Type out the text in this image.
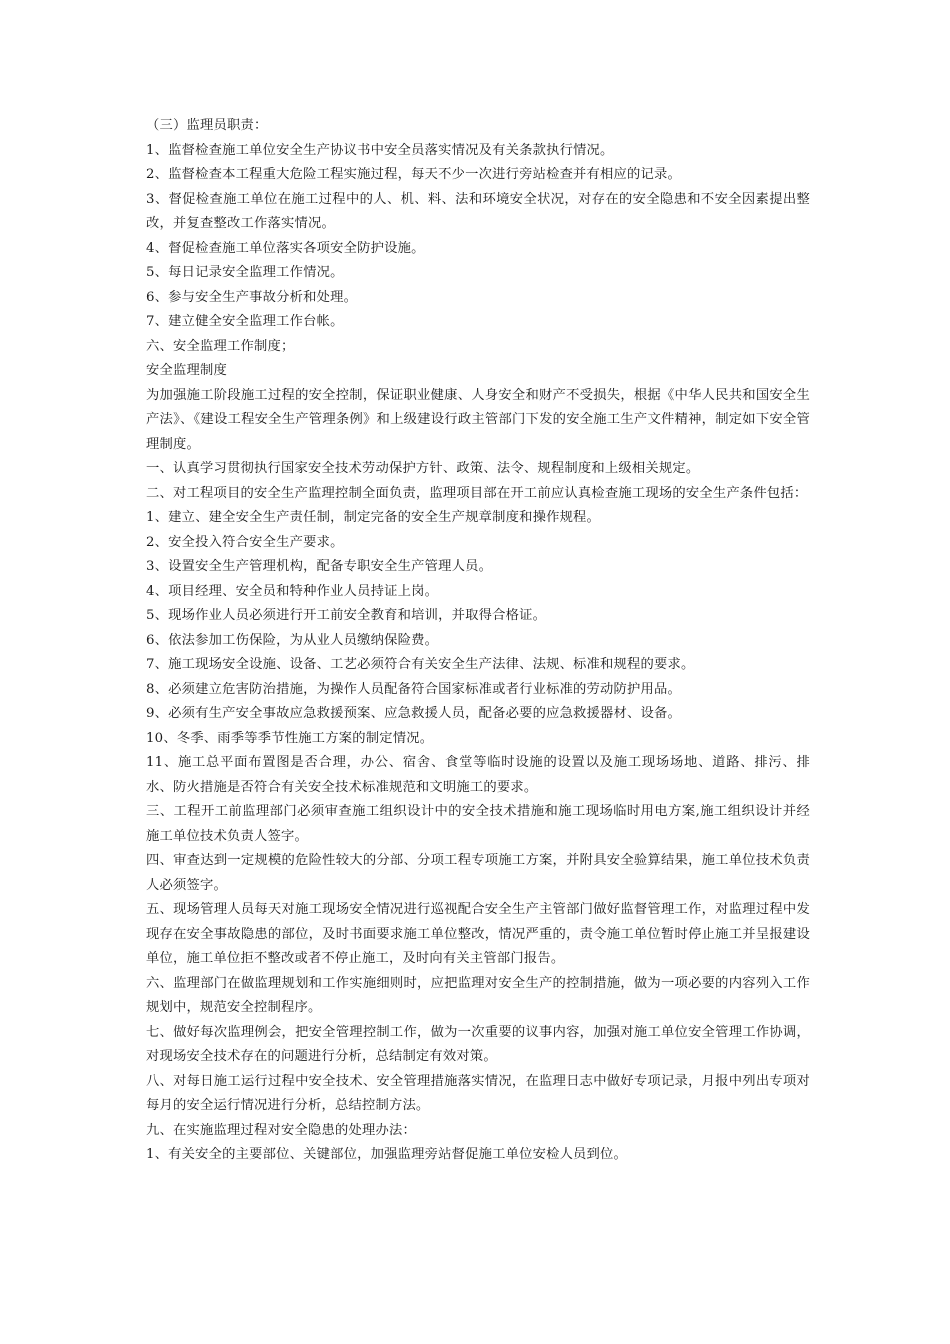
（三）监理员职责：

1、监督检查施工单位安全生产协议书中安全员落实情况及有关条款执行情况。

2、监督检查本工程重大危险工程实施过程，每天不少一次进行旁站检查并有相应的记录。

3、督促检查施工单位在施工过程中的人、机、料、法和环境安全状况，对存在的安全隐患和不安全因素提出整改，并复查整改工作落实情况。

4、督促检查施工单位落实各项安全防护设施。

5、每日记录安全监理工作情况。

6、参与安全生产事故分析和处理。

7、建立健全安全监理工作台帐。

六、安全监理工作制度；

安全监理制度

为加强施工阶段施工过程的安全控制，保证职业健康、人身安全和财产不受损失，根据《中华人民共和国安全生产法》、《建设工程安全生产管理条例》和上级建设行政主管部门下发的安全施工生产文件精神，制定如下安全管理制度。

一、认真学习贯彻执行国家安全技术劳动保护方针、政策、法令、规程制度和上级相关规定。

二、对工程项目的安全生产监理控制全面负责，监理项目部在开工前应认真检查施工现场的安全生产条件包括：

1、建立、建全安全生产责任制，制定完备的安全生产规章制度和操作规程。

2、安全投入符合安全生产要求。

3、设置安全生产管理机构，配备专职安全生产管理人员。

4、项目经理、安全员和特种作业人员持证上岗。

5、现场作业人员必须进行开工前安全教育和培训，并取得合格证。

6、依法参加工伤保险，为从业人员缴纳保险费。

7、施工现场安全设施、设备、工艺必须符合有关安全生产法律、法规、标准和规程的要求。

8、必须建立危害防治措施，为操作人员配备符合国家标准或者行业标准的劳动防护用品。

9、必须有生产安全事故应急救援预案、应急救援人员，配备必要的应急救援器材、设备。

10、冬季、雨季等季节性施工方案的制定情况。

11、施工总平面布置图是否合理，办公、宿舍、食堂等临时设施的设置以及施工现场场地、道路、排污、排水、防火措施是否符合有关安全技术标准规范和文明施工的要求。

三、工程开工前监理部门必须审查施工组织设计中的安全技术措施和施工现场临时用电方案,施工组织设计并经施工单位技术负责人签字。

四、审查达到一定规模的危险性较大的分部、分项工程专项施工方案，并附具安全验算结果，施工单位技术负责人必须签字。

五、现场管理人员每天对施工现场安全情况进行巡视配合安全生产主管部门做好监督管理工作，对监理过程中发现存在安全事故隐患的部位，及时书面要求施工单位整改，情况严重的，责令施工单位暂时停止施工并呈报建设单位，施工单位拒不整改或者不停止施工，及时向有关主管部门报告。

六、监理部门在做监理规划和工作实施细则时，应把监理对安全生产的控制措施，做为一项必要的内容列入工作规划中，规范安全控制程序。

七、做好每次监理例会，把安全管理控制工作，做为一次重要的议事内容，加强对施工单位安全管理工作协调，对现场安全技术存在的问题进行分析，总结制定有效对策。

八、对每日施工运行过程中安全技术、安全管理措施落实情况，在监理日志中做好专项记录，月报中列出专项对每月的安全运行情况进行分析，总结控制方法。

九、在实施监理过程对安全隐患的处理办法：

1、有关安全的主要部位、关键部位，加强监理旁站督促施工单位安检人员到位。
